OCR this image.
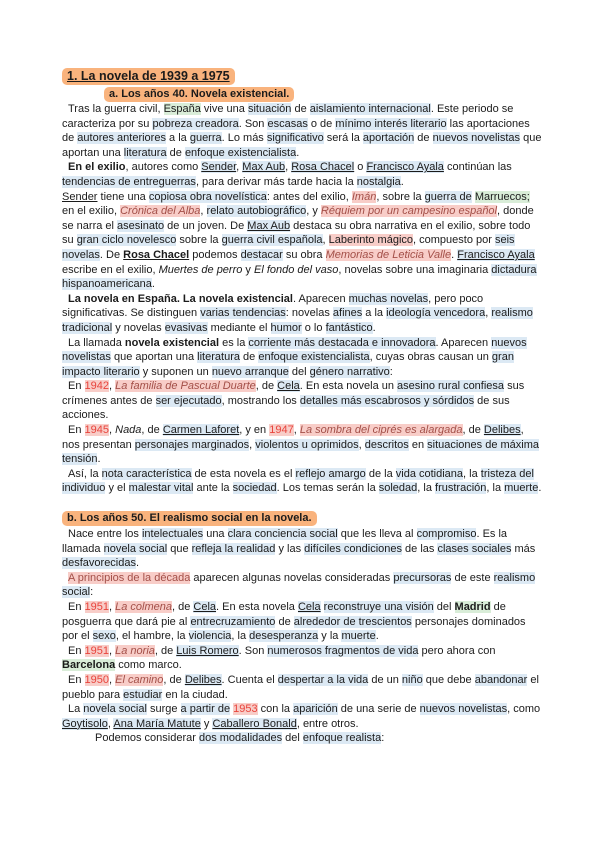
1. La novela de 1939 a 1975
a. Los años 40. Novela existencial.
Tras la guerra civil, España vive una situación de aislamiento internacional. Este periodo se caracteriza por su pobreza creadora. Son escasas o de mínimo interés literario las aportaciones de autores anteriores a la guerra. Lo más significativo será la aportación de nuevos novelistas que aportan una literatura de enfoque existencialista.
En el exilio, autores como Sender, Max Aub, Rosa Chacel o Francisco Ayala continúan las tendencias de entreguerras, para derivar más tarde hacia la nostalgia.
Sender tiene una copiosa obra novelística: antes del exilio, Imán, sobre la guerra de Marruecos; en el exilio, Crónica del Alba, relato autobiográfico, y Réquiem por un campesino español, donde se narra el asesinato de un joven. De Max Aub destaca su obra narrativa en el exilio, sobre todo su gran ciclo novelesco sobre la guerra civil española, Laberinto mágico, compuesto por seis novelas. De Rosa Chacel podemos destacar su obra Memorias de Leticia Valle. Francisco Ayala escribe en el exilio, Muertes de perro y El fondo del vaso, novelas sobre una imaginaria dictadura hispanoamericana.
La novela en España. La novela existencial. Aparecen muchas novelas, pero poco significativas. Se distinguen varias tendencias: novelas afines a la ideología vencedora, realismo tradicional y novelas evasivas mediante el humor o lo fantástico.
La llamada novela existencial es la corriente más destacada e innovadora. Aparecen nuevos novelistas que aportan una literatura de enfoque existencialista, cuyas obras causan un gran impacto literario y suponen un nuevo arranque del género narrativo:
En 1942, La familia de Pascual Duarte, de Cela. En esta novela un asesino rural confiesa sus crímenes antes de ser ejecutado, mostrando los detalles más escabrosos y sórdidos de sus acciones.
En 1945, Nada, de Carmen Laforet, y en 1947, La sombra del ciprés es alargada, de Delibes, nos presentan personajes marginados, violentos u oprimidos, descritos en situaciones de máxima tensión.
Así, la nota característica de esta novela es el reflejo amargo de la vida cotidiana, la tristeza del individuo y el malestar vital ante la sociedad. Los temas serán la soledad, la frustración, la muerte.
b. Los años 50. El realismo social en la novela.
Nace entre los intelectuales una clara conciencia social que les lleva al compromiso. Es la llamada novela social que refleja la realidad y las difíciles condiciones de las clases sociales más desfavorecidas.
A principios de la década aparecen algunas novelas consideradas precursoras de este realismo social:
En 1951, La colmena, de Cela. En esta novela Cela reconstruye una visión del Madrid de posguerra que dará pie al entrecruzamiento de alrededor de trescientos personajes dominados por el sexo, el hambre, la violencia, la desesperanza y la muerte.
En 1951, La noria, de Luis Romero. Son numerosos fragmentos de vida pero ahora con Barcelona como marco.
En 1950, El camino, de Delibes. Cuenta el despertar a la vida de un niño que debe abandonar el pueblo para estudiar en la ciudad.
La novela social surge a partir de 1953 con la aparición de una serie de nuevos novelistas, como Goytisolo, Ana María Matute y Caballero Bonald, entre otros.
Podemos considerar dos modalidades del enfoque realista:
